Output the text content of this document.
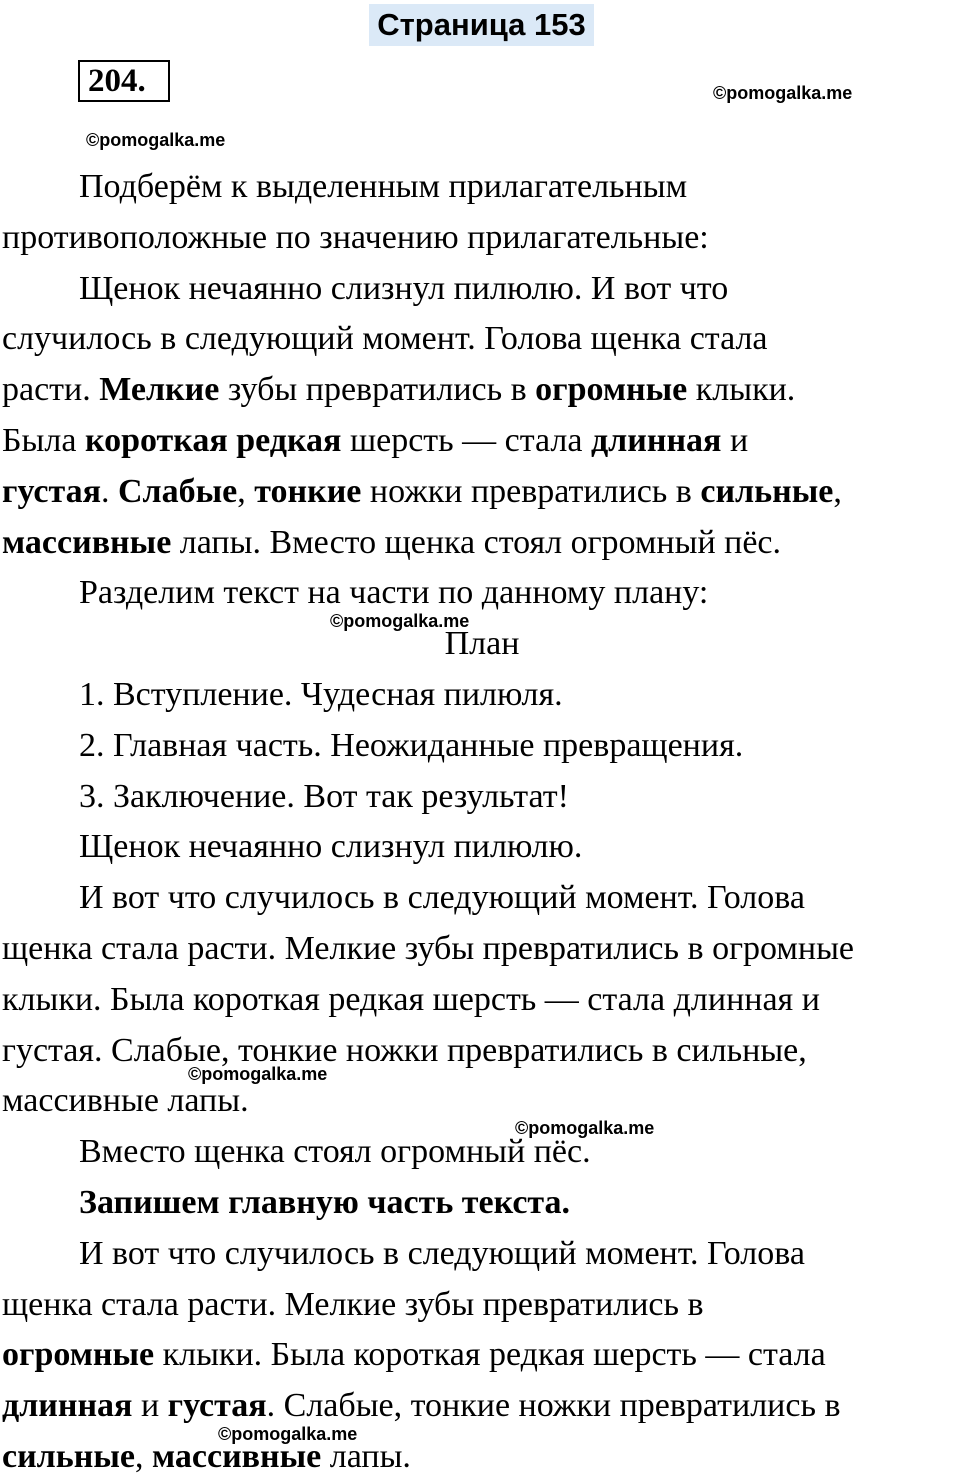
Страница 153
204.	©pomogalka.me
©pomogalka.me
©pomogalka.me
©pomogalka.me
©pomogalka.me
©pomogalka.me

Подберём к выделенным прилагательным

противоположные по значению прилагательные:

Щенок нечаянно слизнул пилюлю. И вот что

случилось в следующий момент. Голова щенка стала

расти. Мелкие зубы превратились в огромные клыки.

Была короткая редкая шерсть — стала длинная и

густая. Слабые, тонкие ножки превратились в сильные,

массивные лапы. Вместо щенка стоял огромный пёс.

Разделим текст на части по данному плану:

План

1. Вступление. Чудесная пилюля.

2. Главная часть. Неожиданные превращения.

3. Заключение. Вот так результат!

Щенок нечаянно слизнул пилюлю.

И вот что случилось в следующий момент. Голова

щенка стала расти. Мелкие зубы превратились в огромные

клыки. Была короткая редкая шерсть — стала длинная и

густая. Слабые, тонкие ножки превратились в сильные,

массивные лапы.

Вместо щенка стоял огромный пёс.

Запишем главную часть текста.

И вот что случилось в следующий момент. Голова

щенка стала расти. Мелкие зубы превратились в

огромные клыки. Была короткая редкая шерсть — стала

длинная и густая. Слабые, тонкие ножки превратились в

сильные, массивные лапы.
